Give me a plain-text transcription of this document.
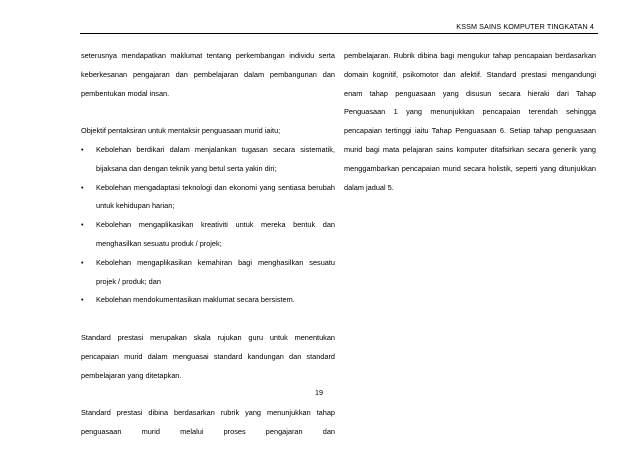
KSSM SAINS KOMPUTER TINGKATAN 4

seterusnya mendapatkan maklumat tentang perkembangan individu serta keberkesanan pengajaran dan pembelajaran dalam pembangunan dan pembentukan modal insan.

Objektif pentaksiran untuk mentaksir penguasaan murid iaitu;

• Kebolehan berdikari dalam menjalankan tugasan secara sistematik, bijaksana dan dengan teknik yang betul serta yakin diri;
• Kebolehan mengadaptasi teknologi dan ekonomi yang sentiasa berubah untuk kehidupan harian;
• Kebolehan mengaplikasikan kreativiti untuk mereka bentuk dan menghasilkan sesuatu produk / projek;
• Kebolehan mengaplikasikan kemahiran bagi menghasilkan sesuatu projek / produk; dan
• Kebolehan mendokumentasikan maklumat secara bersistem.

Standard prestasi merupakan skala rujukan guru untuk menentukan pencapaian murid dalam menguasai standard kandungan dan standard pembelajaran yang ditetapkan.

Standard prestasi dibina berdasarkan rubrik yang menunjukkan tahap penguasaan murid melalui proses pengajaran dan

pembelajaran. Rubrik dibina bagi mengukur tahap pencapaian berdasarkan domain kognitif, psikomotor dan afektif. Standard prestasi mengandungi enam tahap penguasaan yang disusun secara hieraki dari Tahap Penguasaan 1 yang menunjukkan pencapaian terendah sehingga pencapaian tertinggi iaitu Tahap Penguasaan 6. Setiap tahap penguasaan murid bagi mata pelajaran sains komputer ditafsirkan secara generik yang menggambarkan pencapaian murid secara holistik, seperti yang ditunjukkan dalam jadual 5.

19
